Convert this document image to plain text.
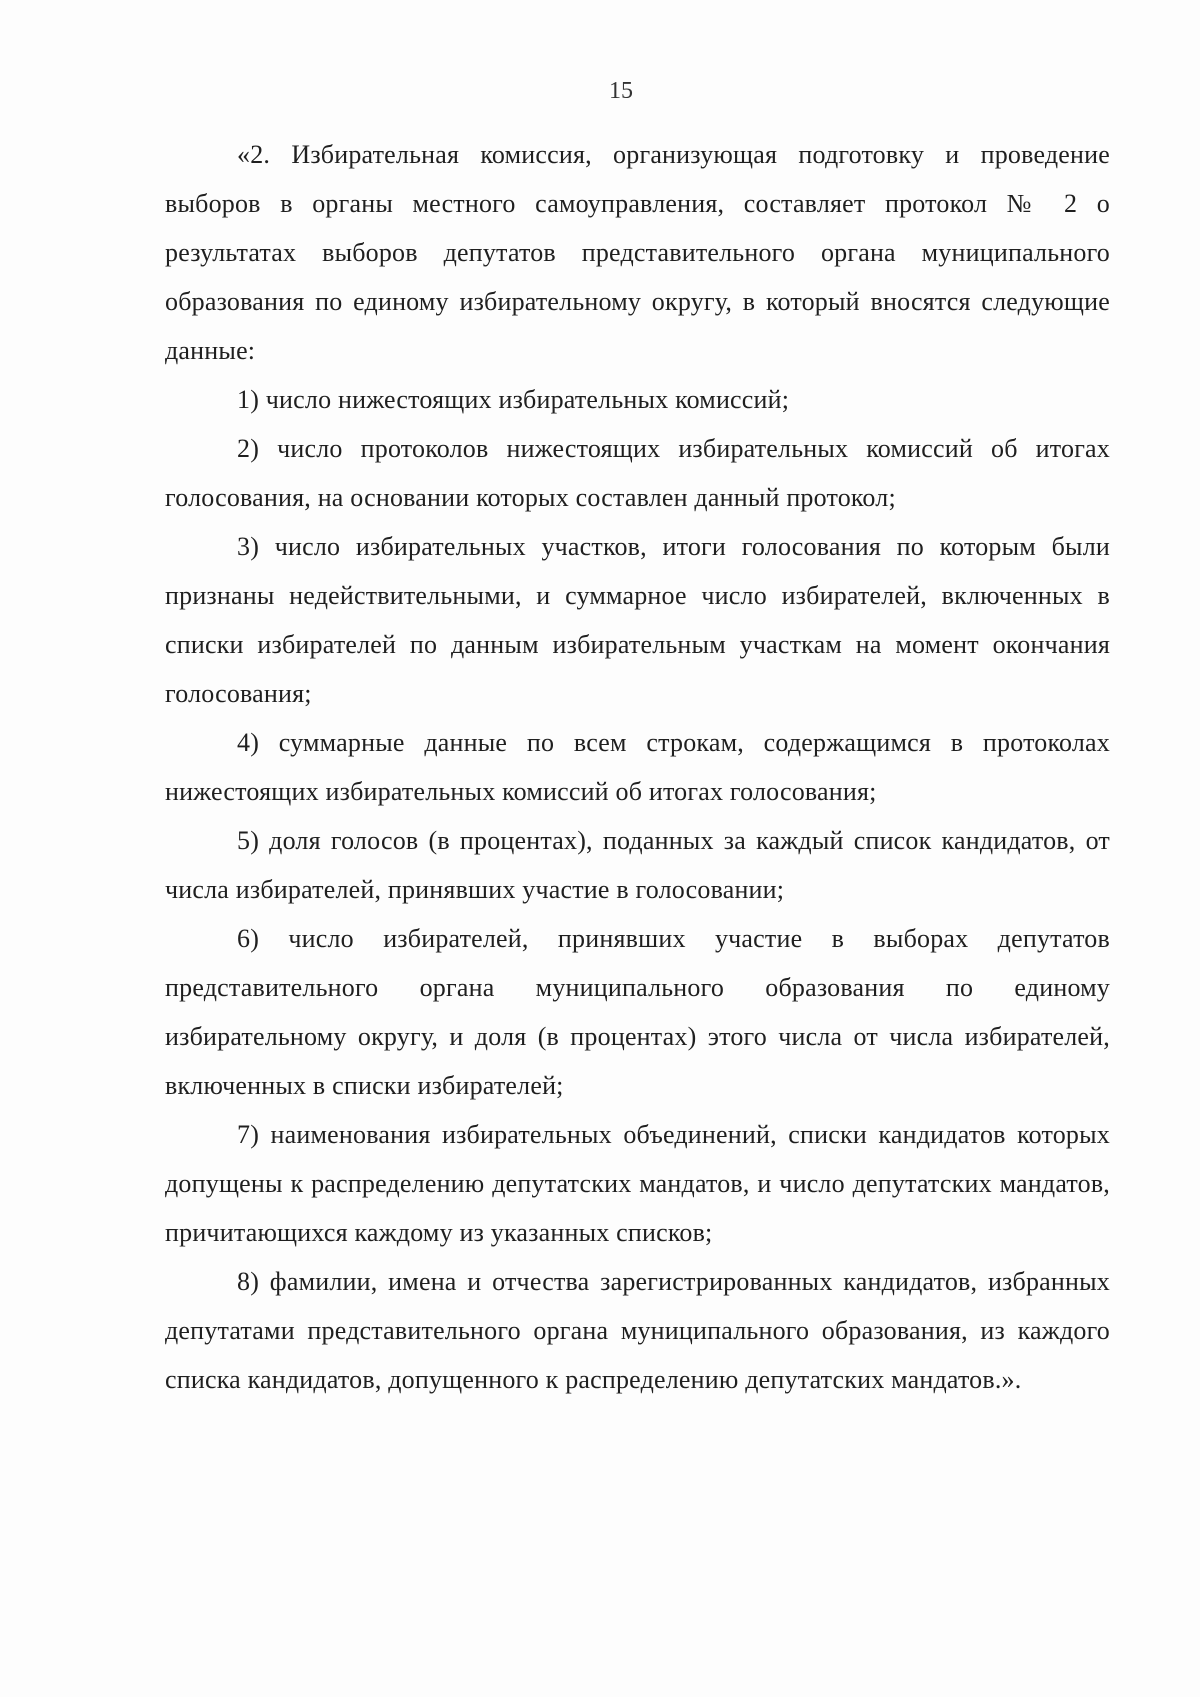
15

«2. Избирательная комиссия, организующая подготовку и проведение выборов в органы местного самоуправления, составляет протокол № 2 о результатах выборов депутатов представительного органа муниципального образования по единому избирательному округу, в который вносятся следующие данные:

1) число нижестоящих избирательных комиссий;

2) число протоколов нижестоящих избирательных комиссий об итогах голосования, на основании которых составлен данный протокол;

3) число избирательных участков, итоги голосования по которым были признаны недействительными, и суммарное число избирателей, включенных в списки избирателей по данным избирательным участкам на момент окончания голосования;

4) суммарные данные по всем строкам, содержащимся в протоколах нижестоящих избирательных комиссий об итогах голосования;

5) доля голосов (в процентах), поданных за каждый список кандидатов, от числа избирателей, принявших участие в голосовании;

6) число избирателей, принявших участие в выборах депутатов представительного органа муниципального образования по единому избирательному округу, и доля (в процентах) этого числа от числа избирателей, включенных в списки избирателей;

7) наименования избирательных объединений, списки кандидатов которых допущены к распределению депутатских мандатов, и число депутатских мандатов, причитающихся каждому из указанных списков;

8) фамилии, имена и отчества зарегистрированных кандидатов, избранных депутатами представительного органа муниципального образования, из каждого списка кандидатов, допущенного к распределению депутатских мандатов.».
